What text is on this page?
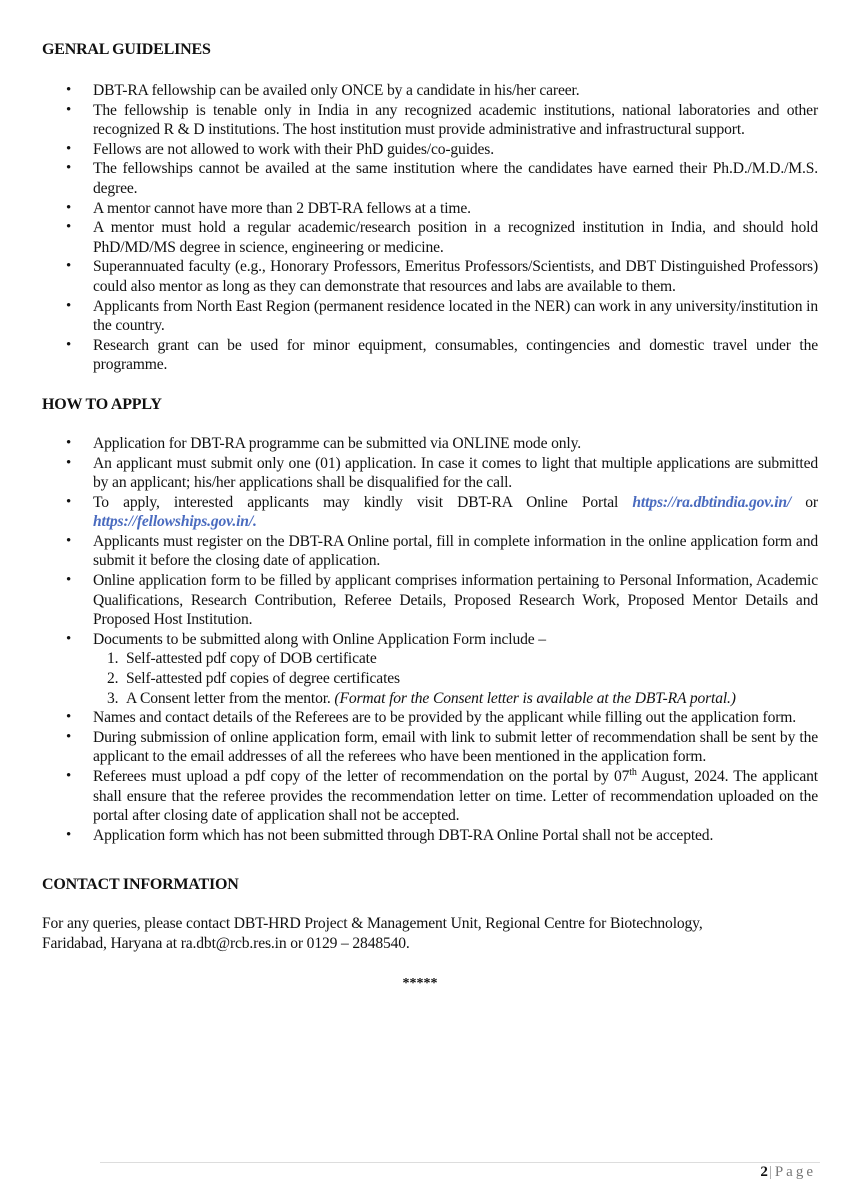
GENRAL GUIDELINES
• DBT-RA fellowship can be availed only ONCE by a candidate in his/her career.
• The fellowship is tenable only in India in any recognized academic institutions, national laboratories and other recognized R & D institutions. The host institution must provide administrative and infrastructural support.
• Fellows are not allowed to work with their PhD guides/co-guides.
• The fellowships cannot be availed at the same institution where the candidates have earned their Ph.D./M.D./M.S. degree.
• A mentor cannot have more than 2 DBT-RA fellows at a time.
• A mentor must hold a regular academic/research position in a recognized institution in India, and should hold PhD/MD/MS degree in science, engineering or medicine.
• Superannuated faculty (e.g., Honorary Professors, Emeritus Professors/Scientists, and DBT Distinguished Professors) could also mentor as long as they can demonstrate that resources and labs are available to them.
• Applicants from North East Region (permanent residence located in the NER) can work in any university/institution in the country.
• Research grant can be used for minor equipment, consumables, contingencies and domestic travel under the programme.
HOW TO APPLY
• Application for DBT-RA programme can be submitted via ONLINE mode only.
• An applicant must submit only one (01) application. In case it comes to light that multiple applications are submitted by an applicant; his/her applications shall be disqualified for the call.
• To apply, interested applicants may kindly visit DBT-RA Online Portal https://ra.dbtindia.gov.in/ or https://fellowships.gov.in/.
• Applicants must register on the DBT-RA Online portal, fill in complete information in the online application form and submit it before the closing date of application.
• Online application form to be filled by applicant comprises information pertaining to Personal Information, Academic Qualifications, Research Contribution, Referee Details, Proposed Research Work, Proposed Mentor Details and Proposed Host Institution.
• Documents to be submitted along with Online Application Form include –
1. Self-attested pdf copy of DOB certificate
2. Self-attested pdf copies of degree certificates
3. A Consent letter from the mentor. (Format for the Consent letter is available at the DBT-RA portal.)
• Names and contact details of the Referees are to be provided by the applicant while filling out the application form.
• During submission of online application form, email with link to submit letter of recommendation shall be sent by the applicant to the email addresses of all the referees who have been mentioned in the application form.
• Referees must upload a pdf copy of the letter of recommendation on the portal by 07th August, 2024. The applicant shall ensure that the referee provides the recommendation letter on time. Letter of recommendation uploaded on the portal after closing date of application shall not be accepted.
• Application form which has not been submitted through DBT-RA Online Portal shall not be accepted.
CONTACT INFORMATION

For any queries, please contact DBT-HRD Project & Management Unit, Regional Centre for Biotechnology,
Faridabad, Haryana at ra.dbt@rcb.res.in or 0129 – 2848540.

*****
2| Page
